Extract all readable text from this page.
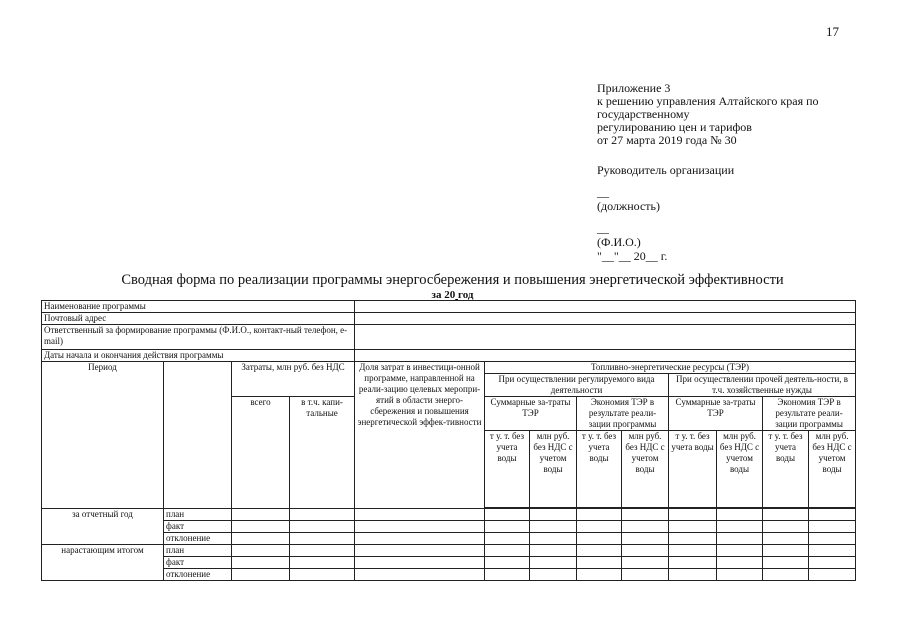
17
Приложение 3
к решению управления Алтайского края по
государственному
регулированию цен и тарифов
от 27 марта 2019 года № 30
Руководитель организации
__
(должность)
__
(Ф.И.О.)
"__"__ 20__ г.
Сводная форма по реализации программы энергосбережения и повышения энергетической эффективности
за 20 год
Наименование программы												
Почтовый адрес												
Ответственный за формирование программы (Ф.И.О., контакт-ный телефон, e-mail)												
Даты начала и окончания действия программы												
Период		Затраты, млн руб. без НДС		Доля затрат в инвестици-онной программе, направленной на реали-зацию целевых меропри-ятий в области энерго-сбережения и повышения энергетической эффек-тивности	Топливно-энергетические ресурсы (ТЭР)							
					При осуществлении регулируемого вида деятельности				При осуществлении прочей деятель-ности, в т.ч. хозяйственные нужды			
		всего	в т.ч. капи-тальные		Суммарные за-траты ТЭР		Экономия ТЭР в результате реали-зации программы		Суммарные за-траты ТЭР		Экономия ТЭР в результате реали-зации программы	
					т у. т. без учета воды	млн руб. без НДС с учетом воды	т у. т. без учета воды	млн руб. без НДС с учетом воды	т у. т. без учета воды	млн руб. без НДС с учетом воды	т у. т. без учета воды	млн руб. без НДС с учетом воды

за отчетный год	план											
	факт											
	отклонение											
нарастающим итогом	план											
	факт											
	отклонение											
